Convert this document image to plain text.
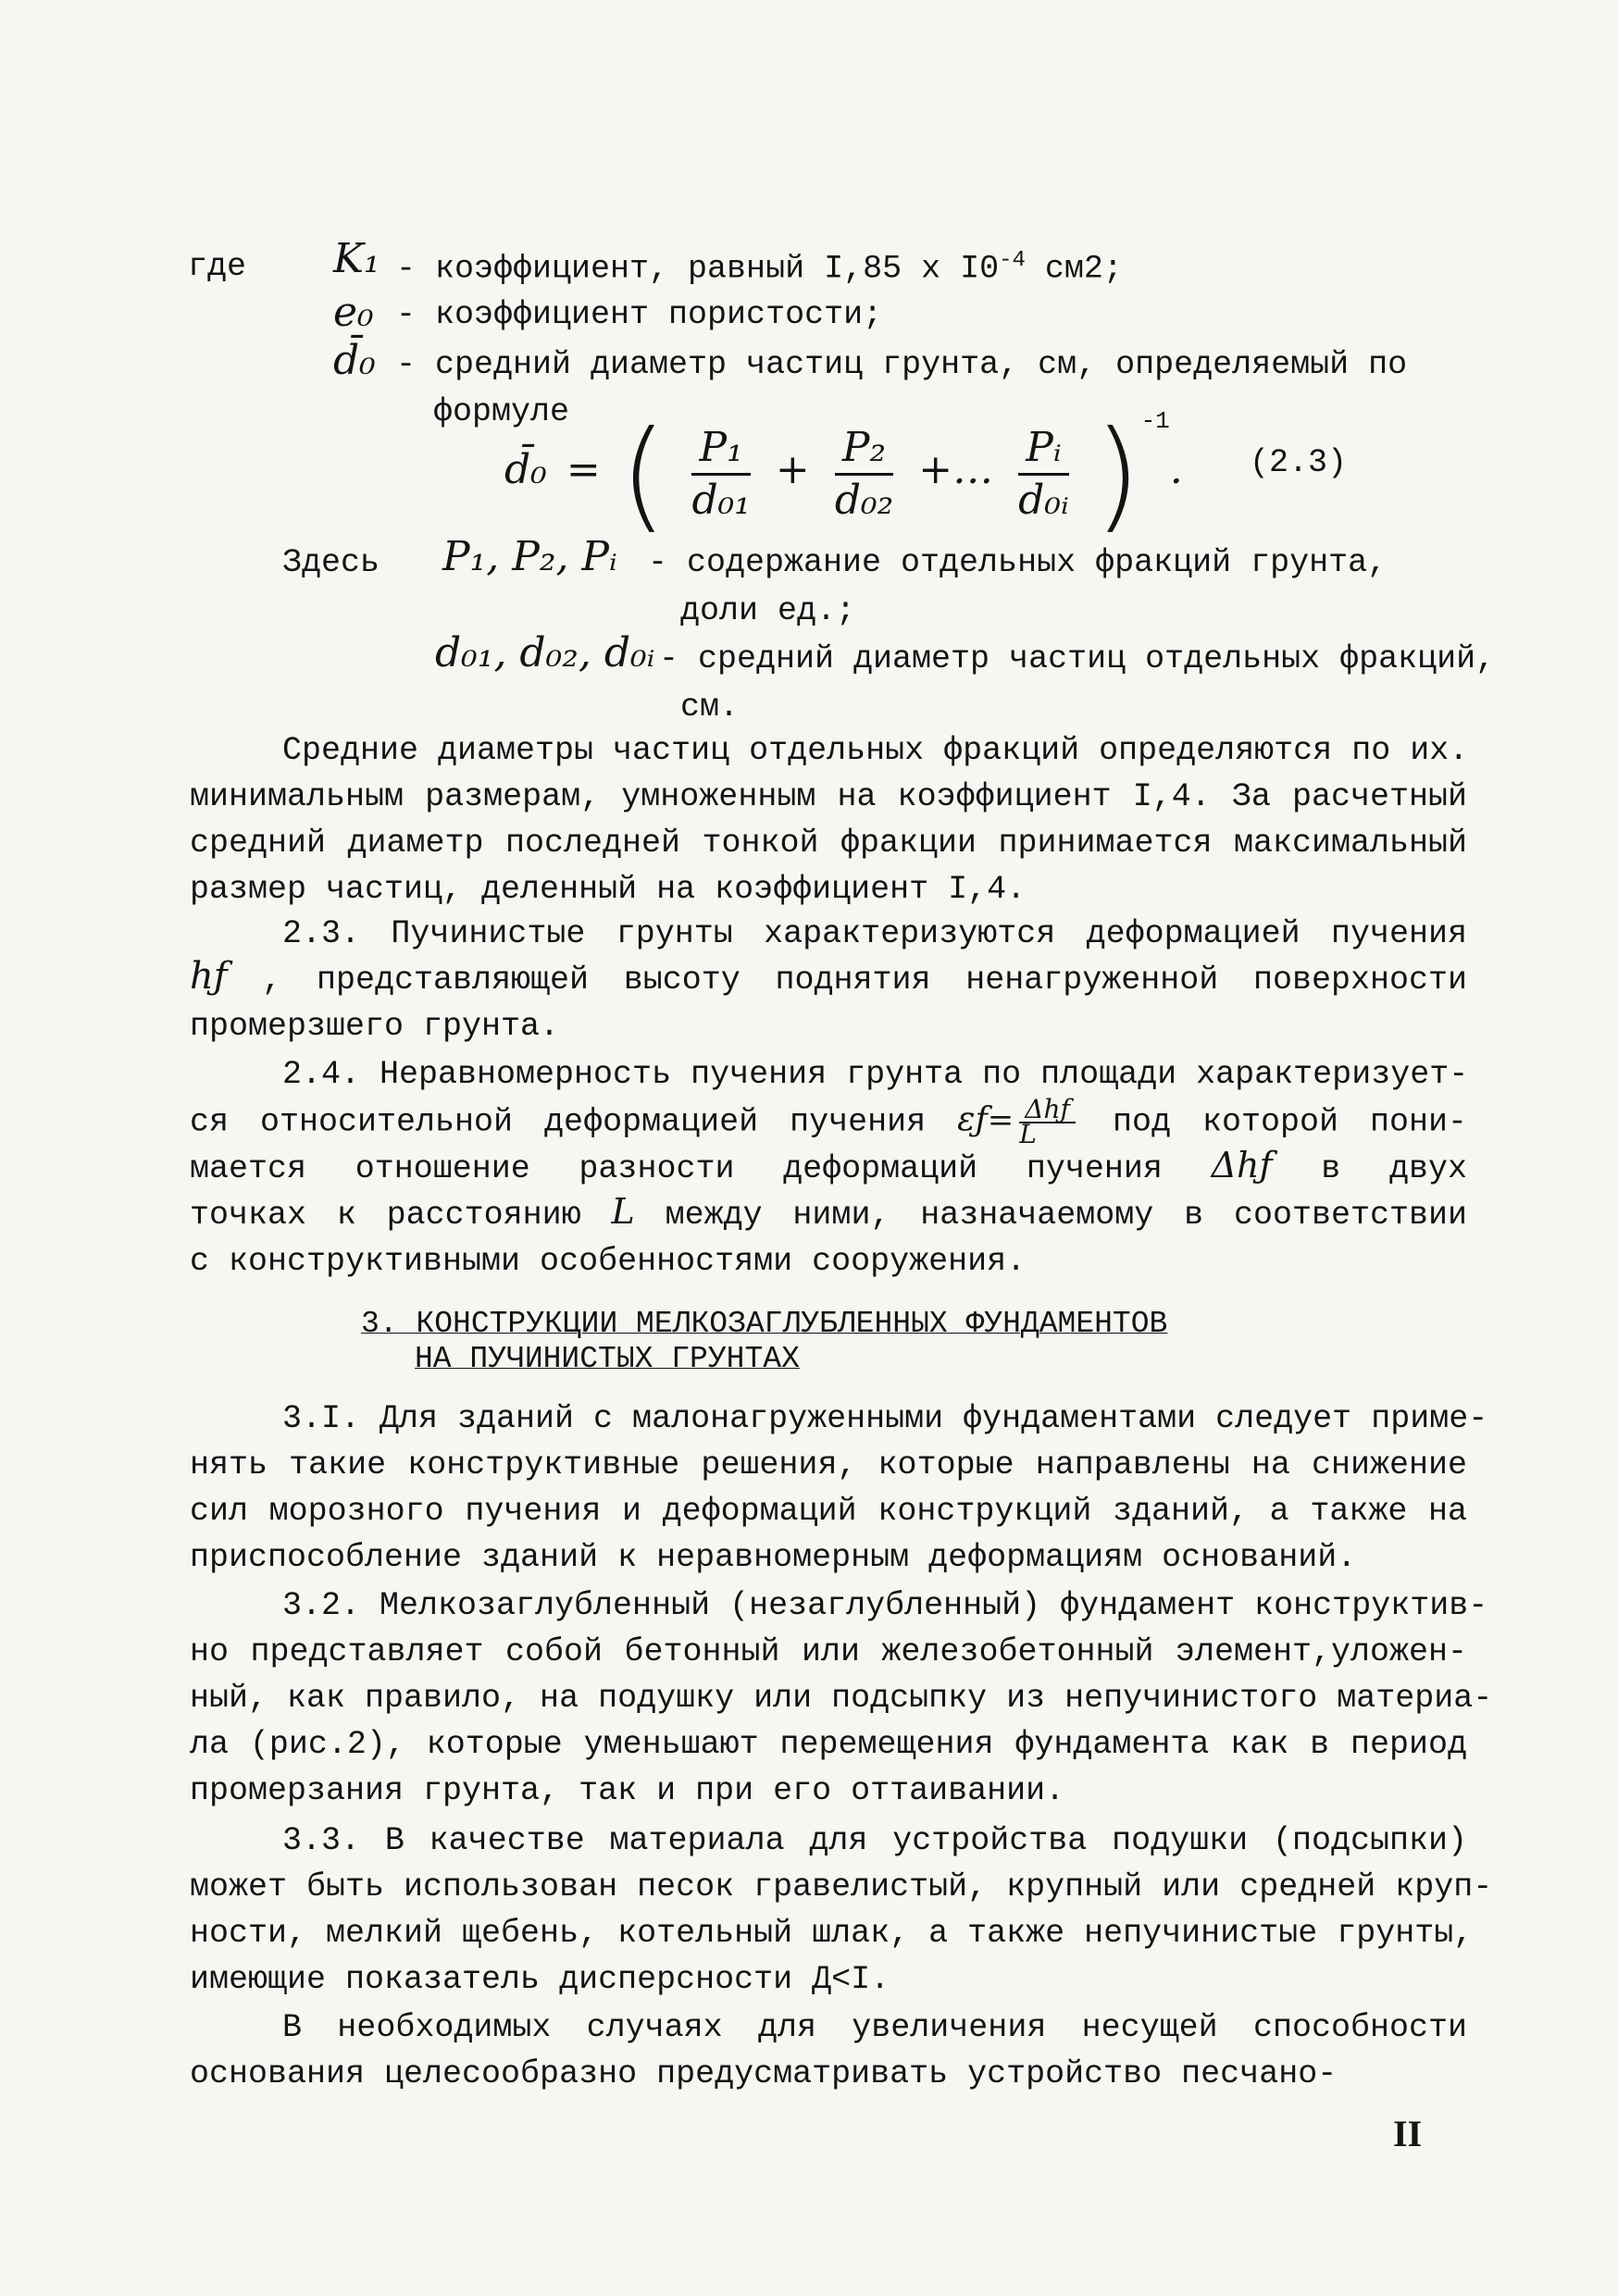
где K₁ - коэффициент, равный I,85 х $I0^{-4}$ см2;
e₀ - коэффициент пористости;
d̄₀ - средний диаметр частиц грунта, см, определяемый по
формуле
d̄₀ = ( $\frac{\text{P₁}}{\text{d₀₁}} + \frac{\text{P₂}}{\text{d₀₂}}$ +… $\frac{\text{Pᵢ}}{\text{d₀ᵢ}} )^{-1}$. (2.3)
Здесь P₁, P₂, Pᵢ - содержание отдельных фракций грунта,
доли ед.;
d₀₁, d₀₂, d₀ᵢ - средний диаметр частиц отдельных фракций,
см.
Средние диаметры частиц отдельных фракций определяются по их.
минимальным размерам, умноженным на коэффициент I,4. За расчетный
средний диаметр последней тонкой фракции принимается максимальный
размер частиц, деленный на коэффициент I,4.
2.3. Пучинистые грунты характеризуются деформацией пучения
hƒ , представляющей высоту поднятия ненагруженной поверхности
промерзшего грунта.
2.4. Неравномерность пучения грунта по площади характеризует-
ся относительной деформацией пучения εƒ= $\frac{\text{Δhƒ}}{L}$ под которой пони-
мается отношение разности деформаций пучения Δhƒ в двух
точках к расстоянию L между ними, назначаемому в соответствии
с конструктивными особенностями сооружения.
3. КОНСТРУКЦИИ МЕЛКОЗАГЛУБЛЕННЫХ ФУНДАМЕНТОВ
НА ПУЧИНИСТЫХ ГРУНТАХ
3.I. Для зданий с малонагруженными фундаментами следует приме-
нять такие конструктивные решения, которые направлены на снижение
сил морозного пучения и деформаций конструкций зданий, а также на
приспособление зданий к неравномерным деформациям оснований.
3.2. Мелкозаглубленный (незаглубленный) фундамент конструктив-
но представляет собой бетонный или железобетонный элемент,уложен-
ный, как правило, на подушку или подсыпку из непучинистого материа-
ла (рис.2), которые уменьшают перемещения фундамента как в период
промерзания грунта, так и при его оттаивании.
3.3. В качестве материала для устройства подушки (подсыпки)
может быть использован песок гравелистый, крупный или средней круп-
ности, мелкий щебень, котельный шлак, а также непучинистые грунты,
имеющие показатель дисперсности Д<I.
В необходимых случаях для увеличения несущей способности
основания целесообразно предусматривать устройство песчано-
II
